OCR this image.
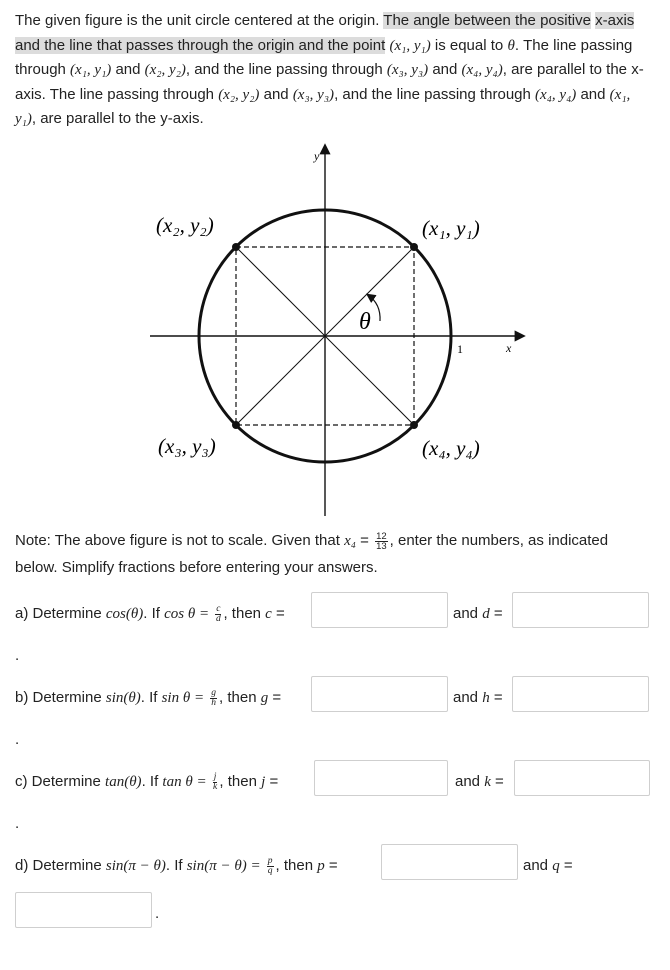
The given figure is the unit circle centered at the origin. The angle between the positive x-axis and the line that passes through the origin and the point (x₁, y₁) is equal to θ. The line passing through (x₁, y₁) and (x₂, y₂), and the line passing through (x₃, y₃) and (x₄, y₄), are parallel to the x-axis. The line passing through (x₂, y₂) and (x₃, y₃), and the line passing through (x₄, y₄) and (x₁, y₁), are parallel to the y-axis.

θ
y
x
1
(x₁, y₁)
(x₂, y₂)
(x₃, y₃)	(x₄, y₄)
Note: The above figure is not to scale. Given that $x_4 = \frac{12}{13}$ , enter the numbers, as indicated
below. Simplify fractions before entering your answers.
a) Determine cos(θ). If $\cos \theta = \frac{c}{d}$ , then c =	and d =
.
b) Determine sin(θ). If $\sin \theta = \frac{g}{h}$ , then g =	and h =
.
c) Determine tan(θ). If $\tan \theta = \frac{j}{k}$ , then j =	and k =
.
d) Determine sin(π − θ). If $\sin(\pi - \theta) = \frac{p}{q}$ , then p =	and q =
.
